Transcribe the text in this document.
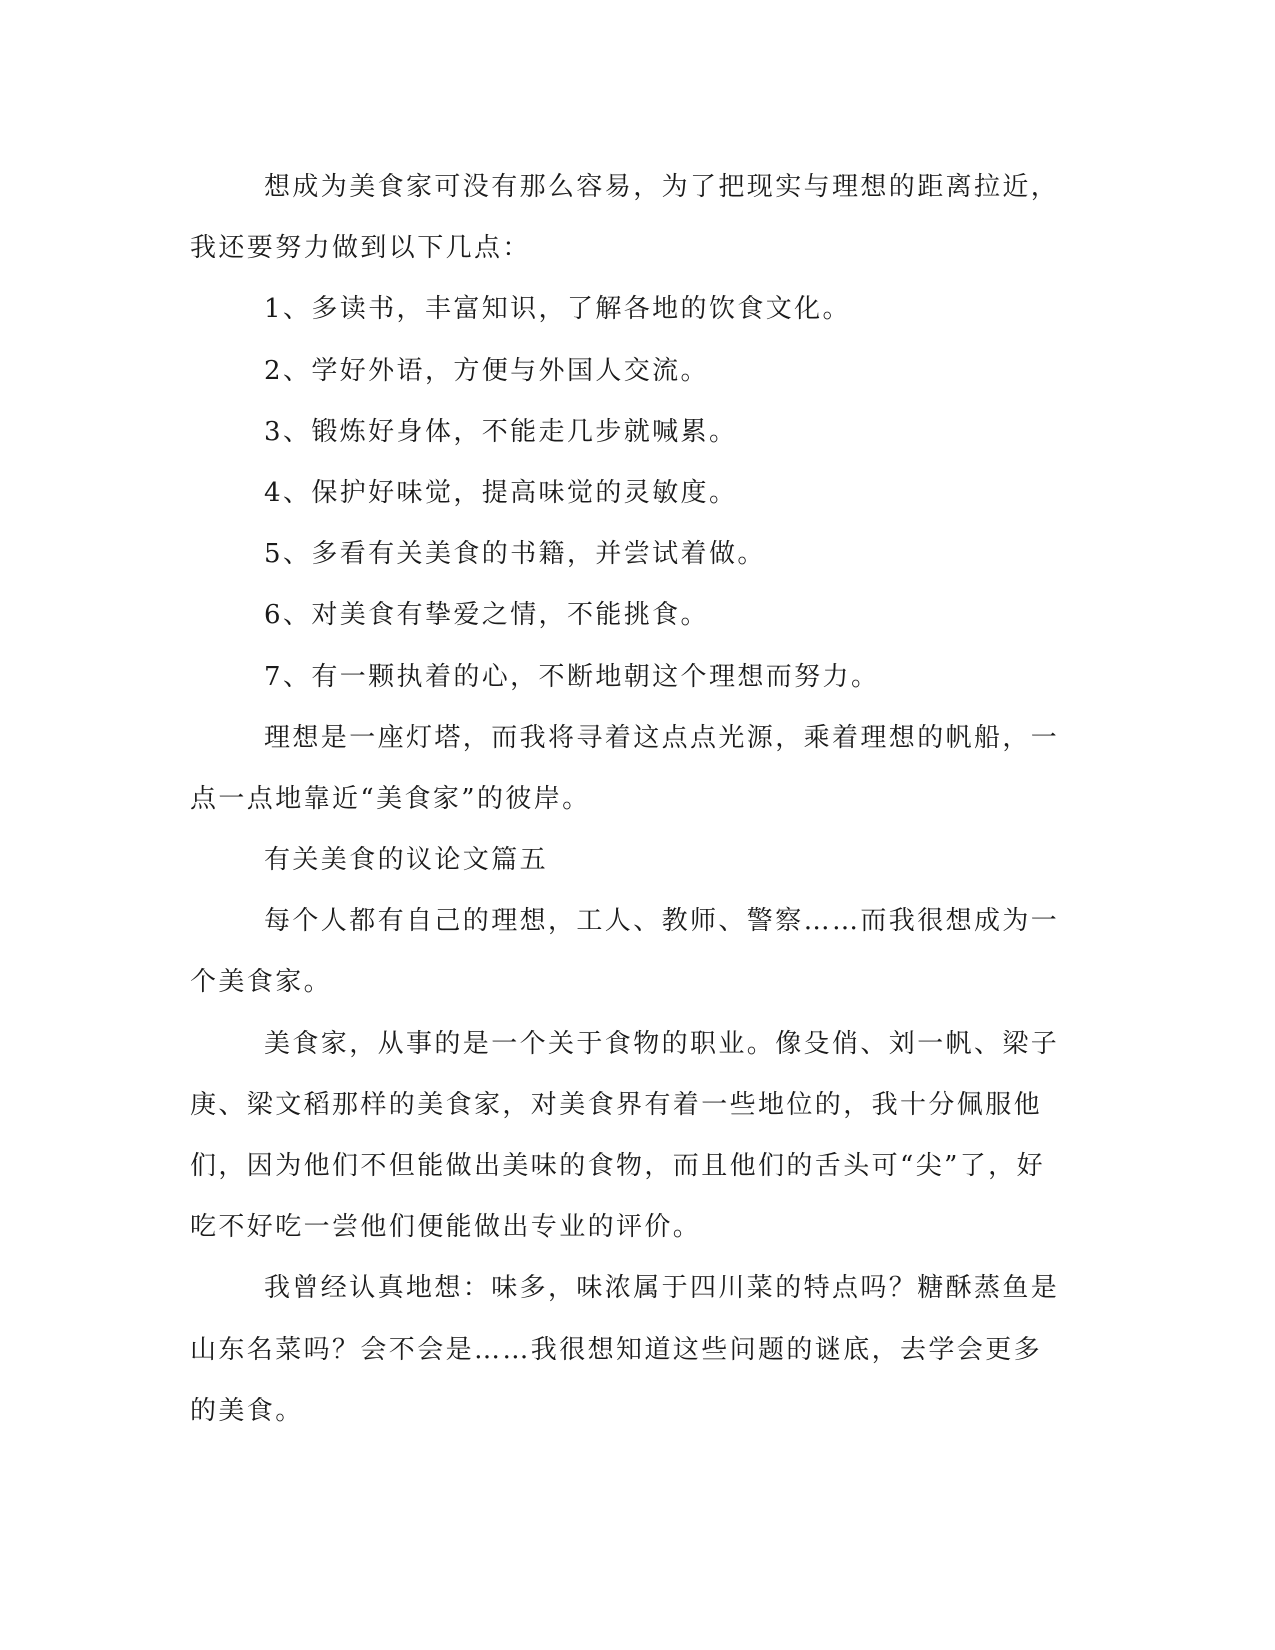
想成为美食家可没有那么容易，为了把现实与理想的距离拉近，
我还要努力做到以下几点：
1、多读书，丰富知识，了解各地的饮食文化。
2、学好外语，方便与外国人交流。
3、锻炼好身体，不能走几步就喊累。
4、保护好味觉，提高味觉的灵敏度。
5、多看有关美食的书籍，并尝试着做。
6、对美食有挚爱之情，不能挑食。
7、有一颗执着的心，不断地朝这个理想而努力。
理想是一座灯塔，而我将寻着这点点光源，乘着理想的帆船，一
点一点地靠近“美食家”的彼岸。
有关美食的议论文篇五
每个人都有自己的理想，工人、教师、警察……而我很想成为一
个美食家。
美食家，从事的是一个关于食物的职业。像殳俏、刘一帆、梁子
庚、梁文稻那样的美食家，对美食界有着一些地位的，我十分佩服他
们，因为他们不但能做出美味的食物，而且他们的舌头可“尖”了，好
吃不好吃一尝他们便能做出专业的评价。
我曾经认真地想：味多，味浓属于四川菜的特点吗？糖酥蒸鱼是
山东名菜吗？会不会是……我很想知道这些问题的谜底，去学会更多
的美食。
